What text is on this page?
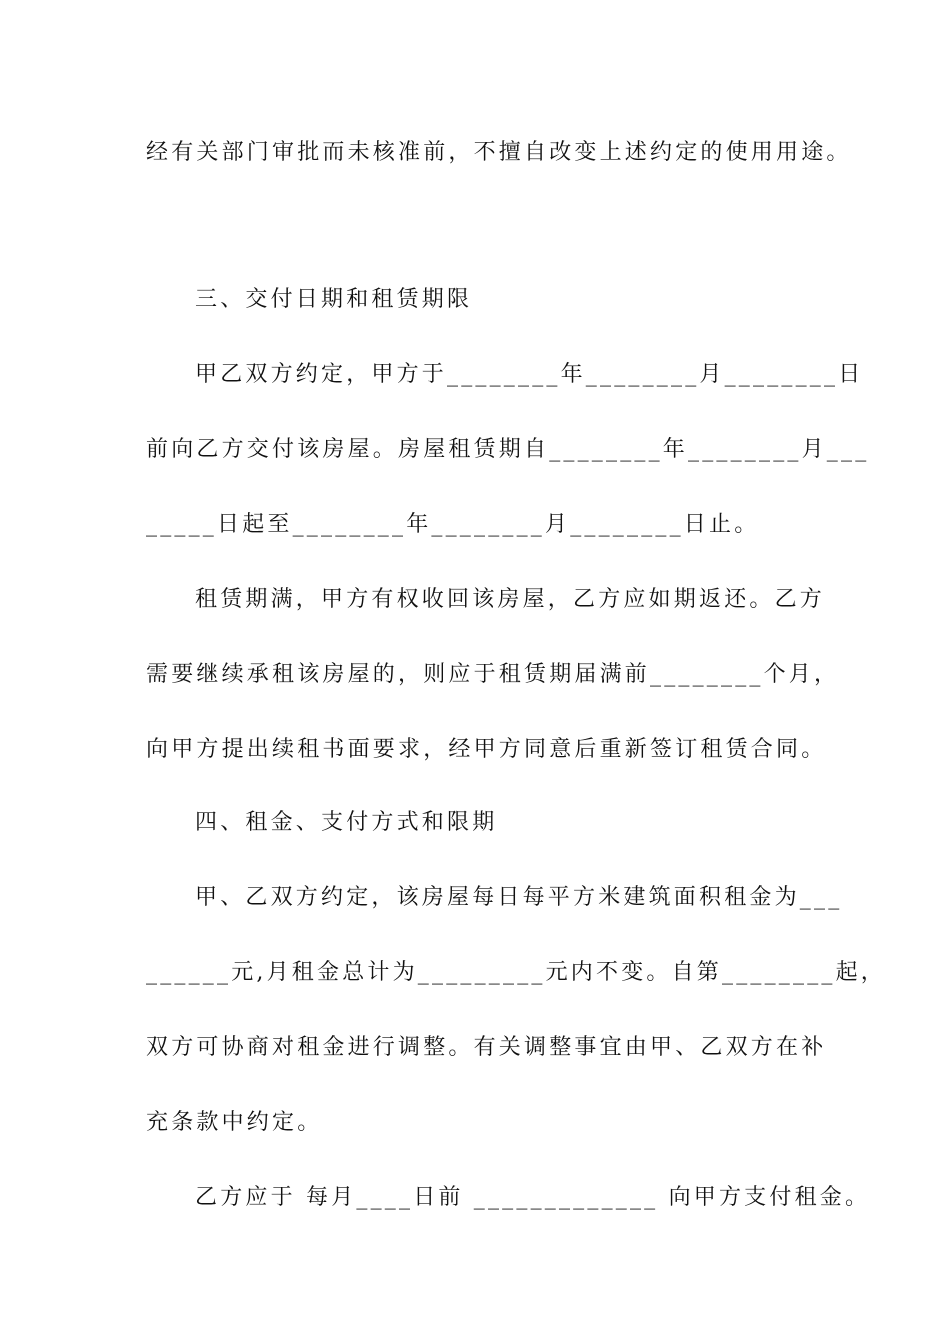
经有关部门审批而未核准前，不擅自改变上述约定的使用用途。
三、交付日期和租赁期限
甲乙双方约定，甲方于________年________月________日
前向乙方交付该房屋。房屋租赁期自________年________月___
_____日起至________年________月________日止。
租赁期满，甲方有权收回该房屋，乙方应如期返还。乙方
需要继续承租该房屋的，则应于租赁期届满前________个月，
向甲方提出续租书面要求，经甲方同意后重新签订租赁合同。
四、租金、支付方式和限期
甲、乙双方约定，该房屋每日每平方米建筑面积租金为___
______元,月租金总计为_________元内不变。自第________起，
双方可协商对租金进行调整。有关调整事宜由甲、乙双方在补
充条款中约定。
乙方应于 每月____日前 _____________ 向甲方支付租金。
